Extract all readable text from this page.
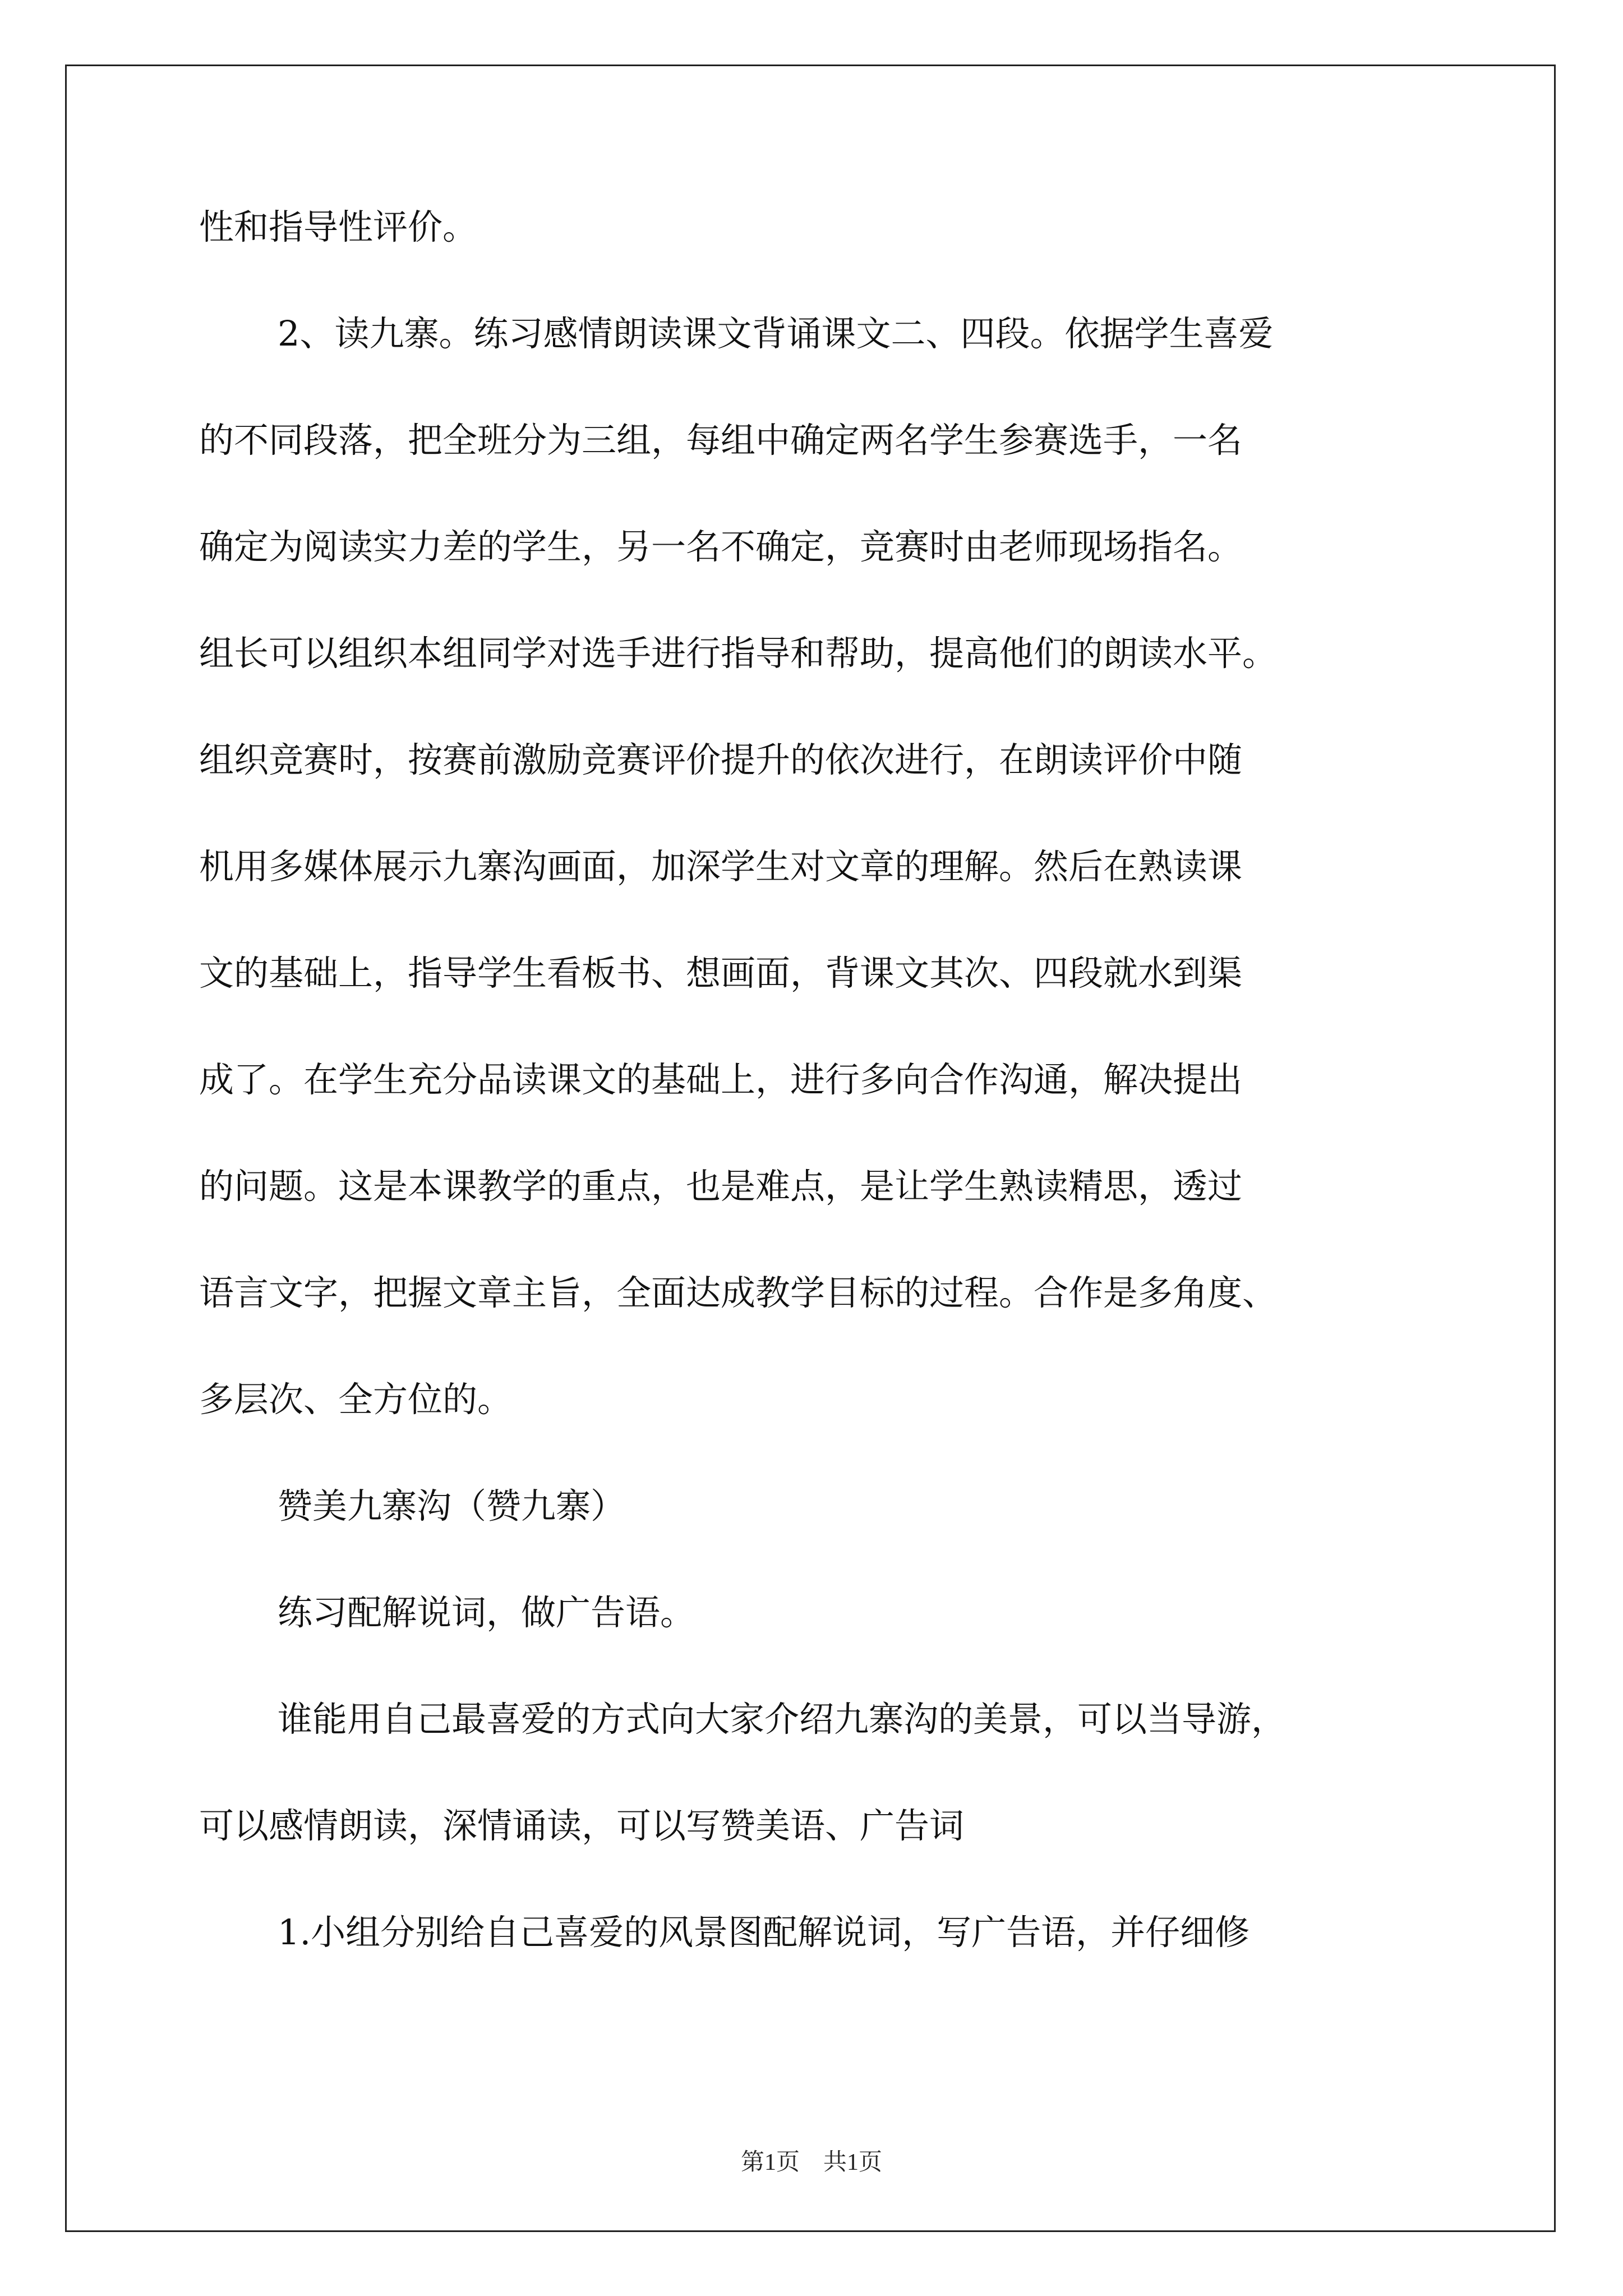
性和指导性评价。
2、读九寨。练习感情朗读课文背诵课文二、四段。依据学生喜爱
的不同段落，把全班分为三组，每组中确定两名学生参赛选手，一名
确定为阅读实力差的学生，另一名不确定，竞赛时由老师现场指名。
组长可以组织本组同学对选手进行指导和帮助，提高他们的朗读水平。
组织竞赛时，按赛前激励竞赛评价提升的依次进行，在朗读评价中随
机用多媒体展示九寨沟画面，加深学生对文章的理解。然后在熟读课
文的基础上，指导学生看板书、想画面，背课文其次、四段就水到渠
成了。在学生充分品读课文的基础上，进行多向合作沟通，解决提出
的问题。这是本课教学的重点，也是难点，是让学生熟读精思，透过
语言文字，把握文章主旨，全面达成教学目标的过程。合作是多角度、
多层次、全方位的。
赞美九寨沟（赞九寨）
练习配解说词，做广告语。
谁能用自己最喜爱的方式向大家介绍九寨沟的美景，可以当导游，
可以感情朗读，深情诵读，可以写赞美语、广告词
1.小组分别给自己喜爱的风景图配解说词，写广告语，并仔细修
第1页　共1页
